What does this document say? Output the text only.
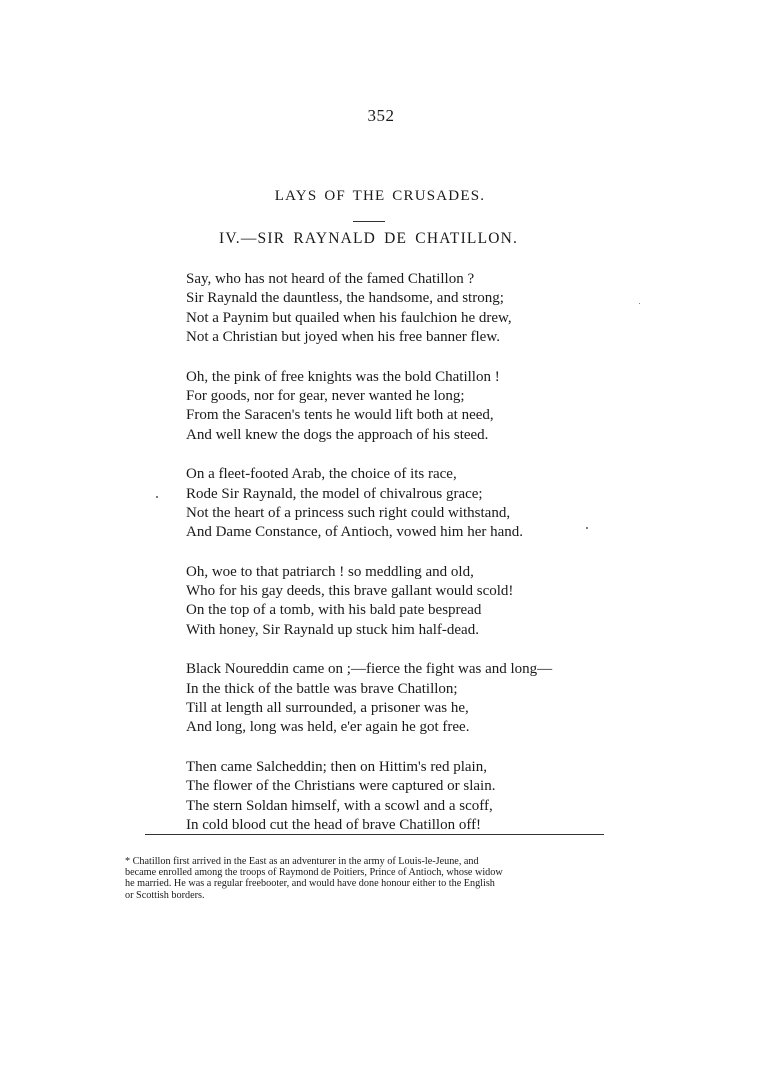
352
LAYS OF THE CRUSADES.
IV.—SIR RAYNALD DE CHATILLON.
Say, who has not heard of the famed Chatillon ?
Sir Raynald the dauntless, the handsome, and strong;
Not a Paynim but quailed when his faulchion he drew,
Not a Christian but joyed when his free banner flew.
Oh, the pink of free knights was the bold Chatillon !
For goods, nor for gear, never wanted he long;
From the Saracen's tents he would lift both at need,
And well knew the dogs the approach of his steed.
On a fleet-footed Arab, the choice of its race,
Rode Sir Raynald, the model of chivalrous grace;
Not the heart of a princess such right could withstand,
And Dame Constance, of Antioch, vowed him her hand.
Oh, woe to that patriarch ! so meddling and old,
Who for his gay deeds, this brave gallant would scold!
On the top of a tomb, with his bald pate bespread
With honey, Sir Raynald up stuck him half-dead.
Black Noureddin came on ;—fierce the fight was and long—
In the thick of the battle was brave Chatillon;
Till at length all surrounded, a prisoner was he,
And long, long was held, e'er again he got free.
Then came Salcheddin; then on Hittim's red plain,
The flower of the Christians were captured or slain.
The stern Soldan himself, with a scowl and a scoff,
In cold blood cut the head of brave Chatillon off!
* Chatillon first arrived in the East as an adventurer in the army of Louis-le-Jeune, and
became enrolled among the troops of Raymond de Poitiers, Prince of Antioch, whose widow
he married. He was a regular freebooter, and would have done honour either to the English
or Scottish borders.
